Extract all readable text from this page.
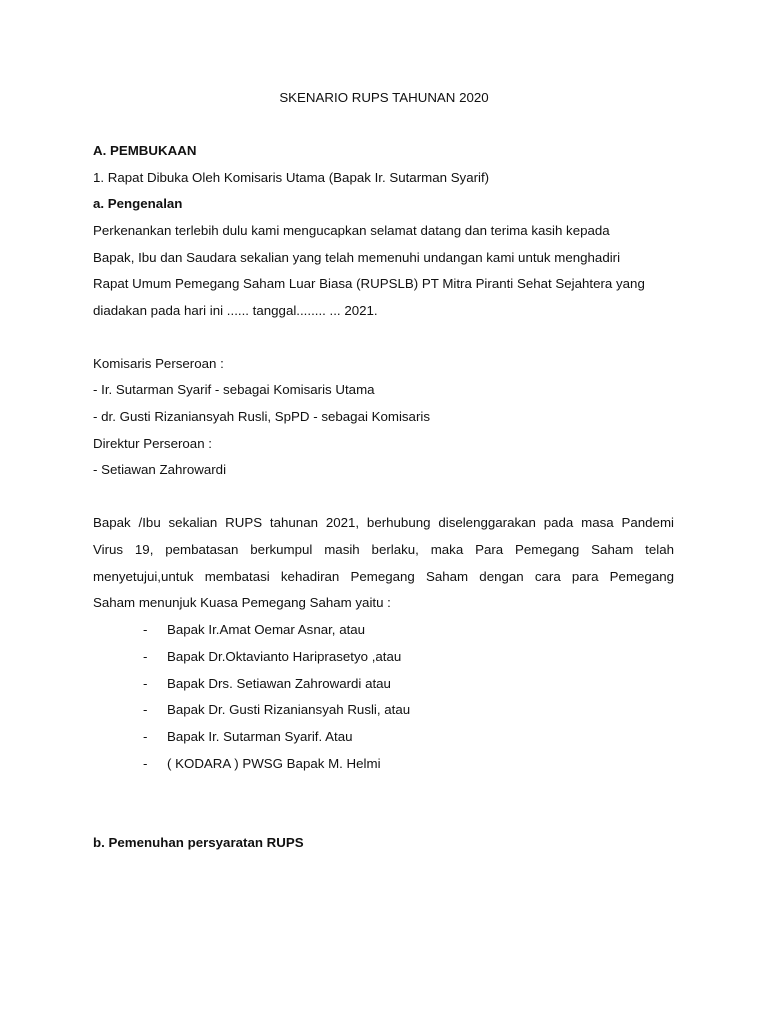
SKENARIO RUPS TAHUNAN 2020
A. PEMBUKAAN
1. Rapat Dibuka Oleh Komisaris Utama (Bapak Ir. Sutarman Syarif)
a. Pengenalan
Perkenankan terlebih dulu kami mengucapkan selamat datang dan terima kasih kepada
Bapak, Ibu dan Saudara sekalian yang telah memenuhi undangan kami untuk menghadiri
Rapat Umum Pemegang Saham Luar Biasa (RUPSLB) PT Mitra Piranti Sehat Sejahtera yang
diadakan pada hari ini ...... tanggal........ ... 2021.
Komisaris Perseroan :
- Ir. Sutarman Syarif - sebagai Komisaris Utama
- dr. Gusti Rizaniansyah Rusli, SpPD - sebagai Komisaris
Direktur Perseroan :
- Setiawan Zahrowardi
Bapak /Ibu sekalian RUPS tahunan 2021, berhubung diselenggarakan pada masa Pandemi
Virus 19, pembatasan berkumpul masih berlaku, maka Para Pemegang Saham telah
menyetujui,untuk membatasi kehadiran Pemegang Saham dengan cara para Pemegang
Saham menunjuk Kuasa Pemegang Saham yaitu :
- Bapak Ir.Amat Oemar Asnar, atau
- Bapak Dr.Oktavianto Hariprasetyo ,atau
- Bapak Drs. Setiawan Zahrowardi atau
- Bapak Dr. Gusti Rizaniansyah Rusli, atau
- Bapak Ir. Sutarman Syarif. Atau
- ( KODARA ) PWSG Bapak M. Helmi
b. Pemenuhan persyaratan RUPS
